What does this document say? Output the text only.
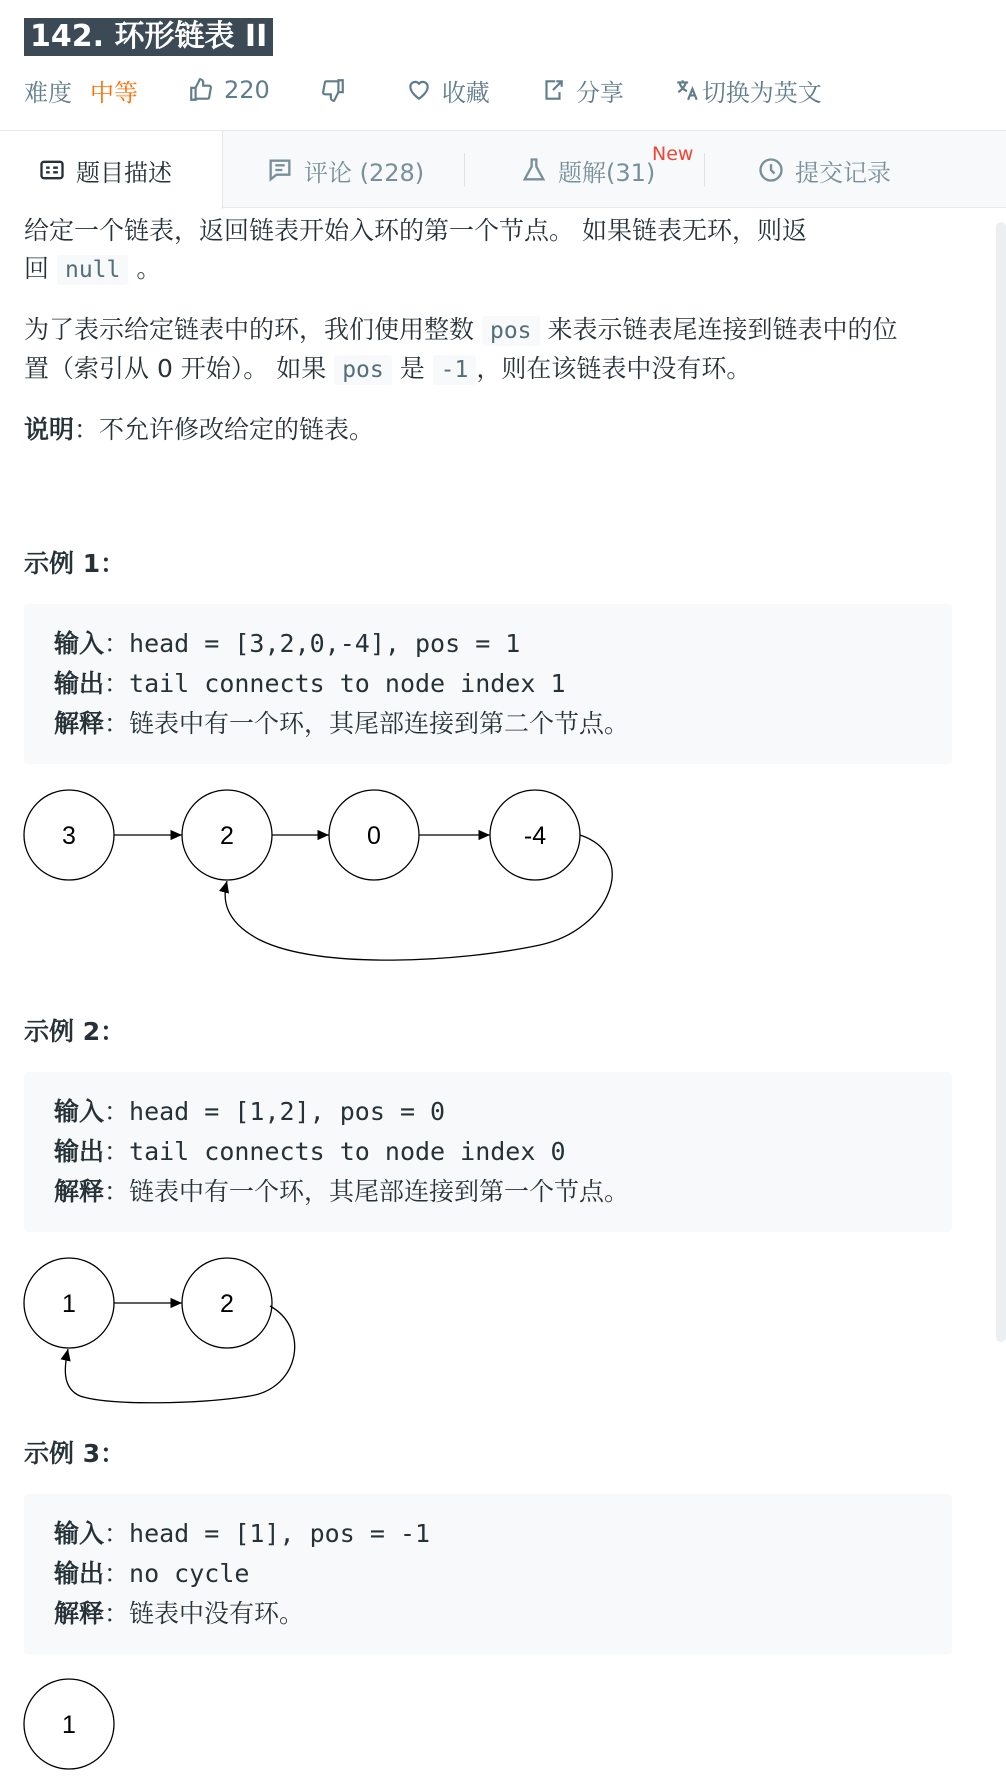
142. 环形链表 II
难度 中等	220	收藏	分享	切换为英文
题目描述	评论 (228)	题解(31)
New
提交记录

给定一个链表，返回链表开始入环的第一个节点。 如果链表无环，则返
回 null 。

为了表示给定链表中的环，我们使用整数 pos 来表示链表尾连接到链表中的位
置（索引从 0 开始）。 如果 pos 是 -1 ，则在该链表中没有环。

说明：不允许修改给定的链表。

示例 1：
输入：head = [3,2,0,-4], pos = 1
输出：tail connects to node index 1
解释：链表中有一个环，其尾部连接到第二个节点。
3	2	0	-4
示例 2：
输入：head = [1,2], pos = 0
输出：tail connects to node index 0
解释：链表中有一个环，其尾部连接到第一个节点。
1	2
示例 3：
输入：head = [1], pos = -1
输出：no cycle
解释：链表中没有环。
1
